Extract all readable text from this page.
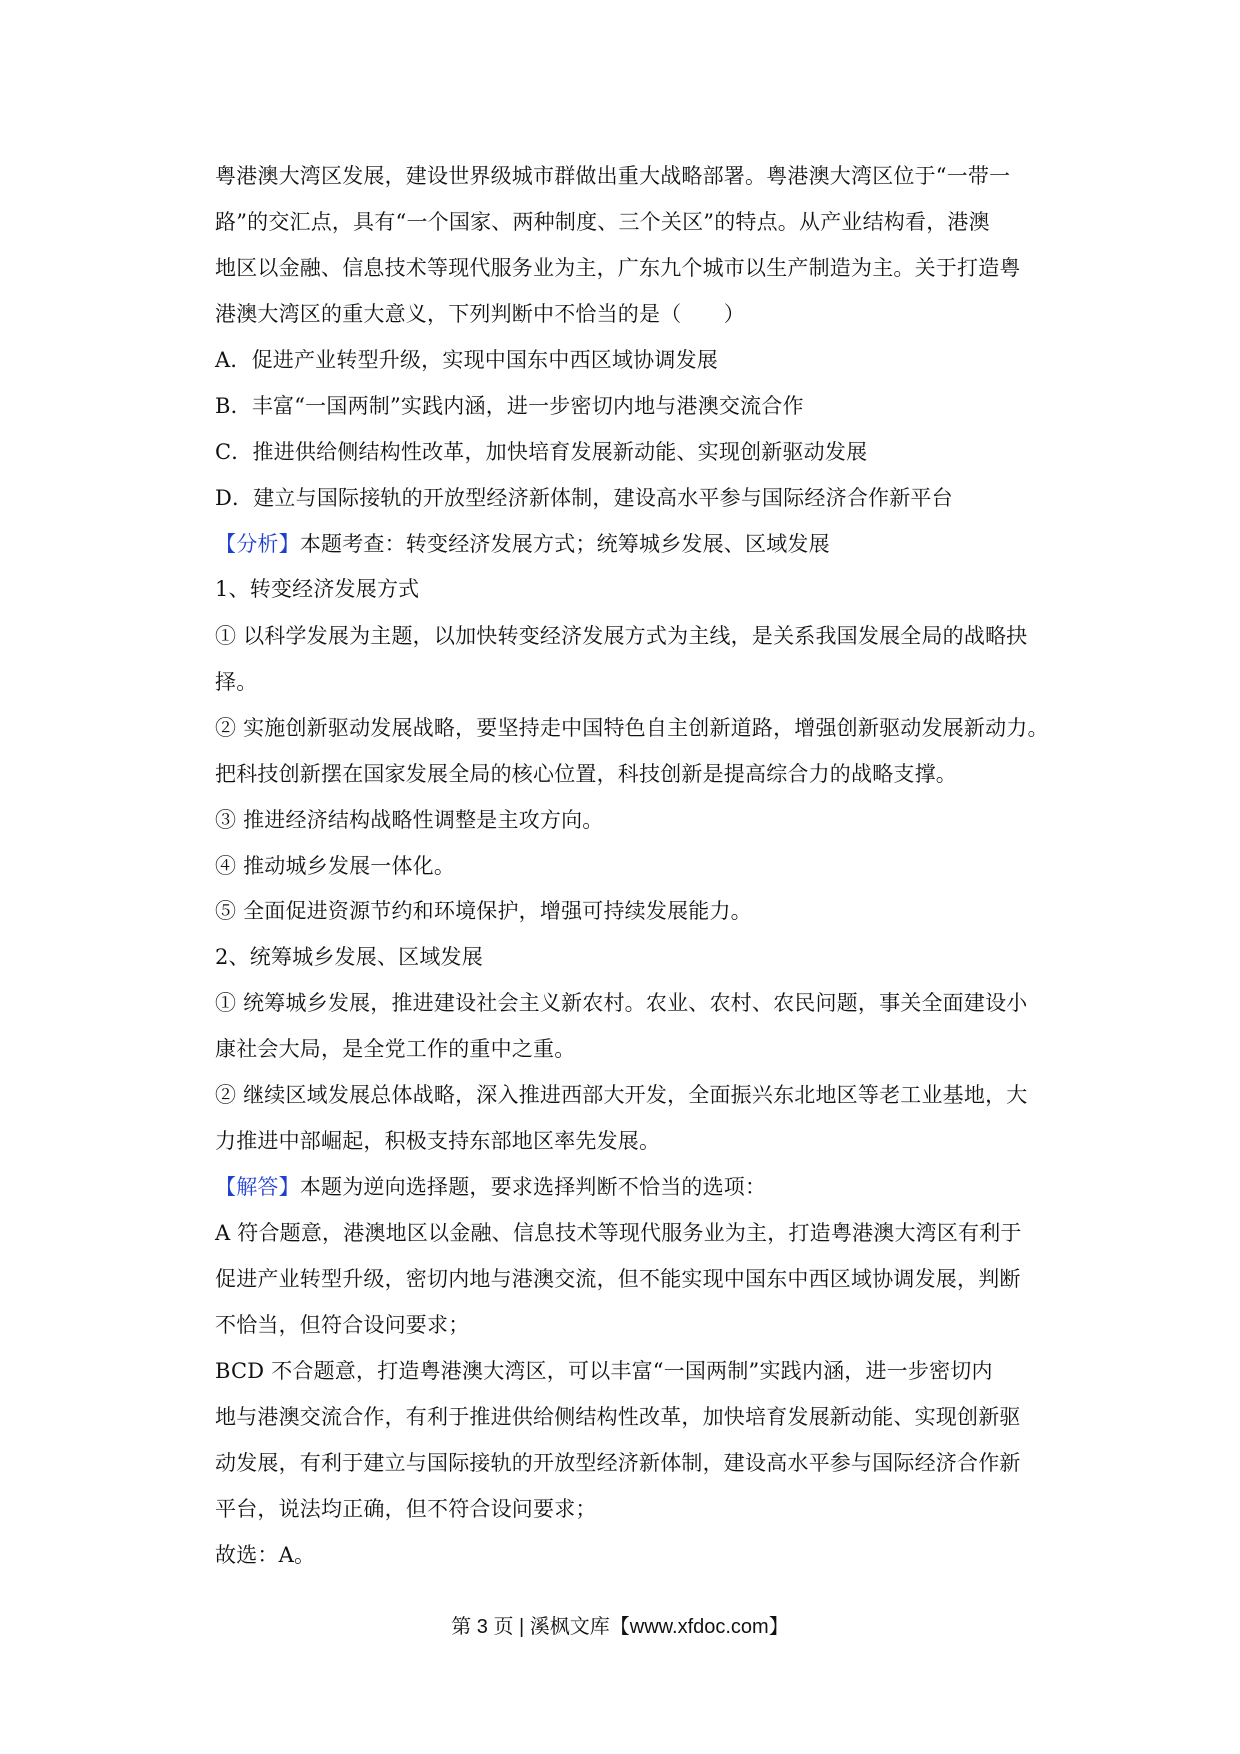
粤港澳大湾区发展，建设世界级城市群做出重大战略部署。粤港澳大湾区位于“一带一
路”的交汇点，具有“一个国家、两种制度、三个关区”的特点。从产业结构看，港澳
地区以金融、信息技术等现代服务业为主，广东九个城市以生产制造为主。关于打造粤
港澳大湾区的重大意义，下列判断中不恰当的是（　　）
A．促进产业转型升级，实现中国东中西区域协调发展
B．丰富“一国两制”实践内涵，进一步密切内地与港澳交流合作
C．推进供给侧结构性改革，加快培育发展新动能、实现创新驱动发展
D．建立与国际接轨的开放型经济新体制，建设高水平参与国际经济合作新平台
【分析】本题考查：转变经济发展方式；统筹城乡发展、区域发展
1、转变经济发展方式
① 以科学发展为主题，以加快转变经济发展方式为主线，是关系我国发展全局的战略抉
择。
② 实施创新驱动发展战略，要坚持走中国特色自主创新道路，增强创新驱动发展新动力。
把科技创新摆在国家发展全局的核心位置，科技创新是提高综合力的战略支撑。
③ 推进经济结构战略性调整是主攻方向。
④ 推动城乡发展一体化。
⑤ 全面促进资源节约和环境保护，增强可持续发展能力。
2、统筹城乡发展、区域发展
① 统筹城乡发展，推进建设社会主义新农村。农业、农村、农民问题，事关全面建设小
康社会大局，是全党工作的重中之重。
② 继续区域发展总体战略，深入推进西部大开发，全面振兴东北地区等老工业基地，大
力推进中部崛起，积极支持东部地区率先发展。
【解答】本题为逆向选择题，要求选择判断不恰当的选项：
A 符合题意，港澳地区以金融、信息技术等现代服务业为主，打造粤港澳大湾区有利于
促进产业转型升级，密切内地与港澳交流，但不能实现中国东中西区域协调发展，判断
不恰当，但符合设问要求；
BCD 不合题意，打造粤港澳大湾区，可以丰富“一国两制”实践内涵，进一步密切内
地与港澳交流合作，有利于推进供给侧结构性改革，加快培育发展新动能、实现创新驱
动发展，有利于建立与国际接轨的开放型经济新体制，建设高水平参与国际经济合作新
平台，说法均正确，但不符合设问要求；
故选：A。
第 3 页 | 溪枫文库【www.xfdoc.com】
